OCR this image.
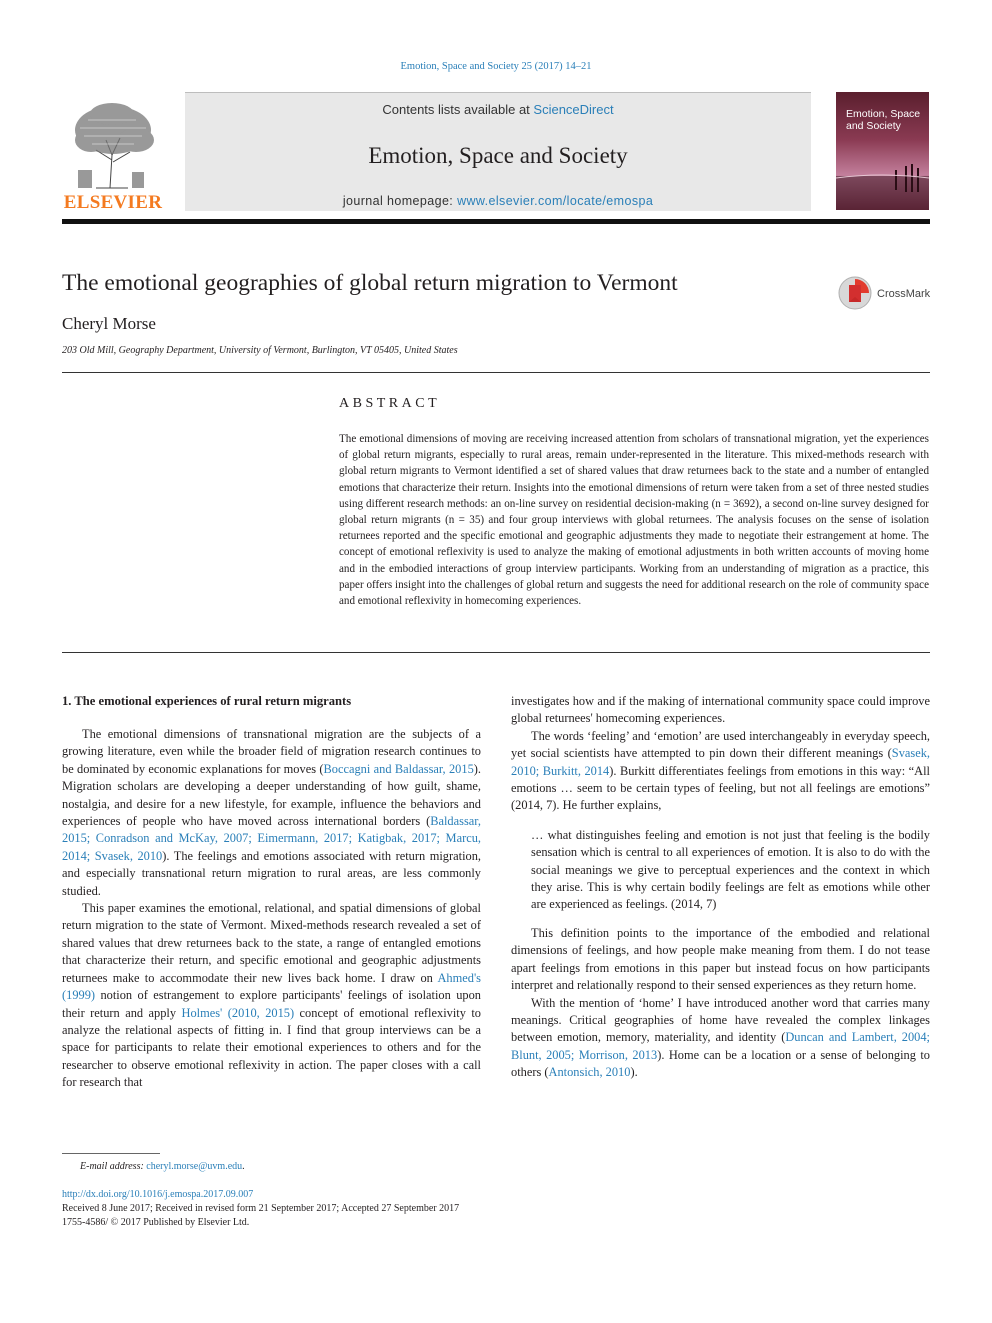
Emotion, Space and Society 25 (2017) 14–21
ELSEVIER
Contents lists available at ScienceDirect
Emotion, Space and Society
journal homepage: www.elsevier.com/locate/emospa
Emotion, Space and Society
The emotional geographies of global return migration to Vermont	CrossMark
Cheryl Morse
203 Old Mill, Geography Department, University of Vermont, Burlington, VT 05405, United States
ABSTRACT
The emotional dimensions of moving are receiving increased attention from scholars of transnational migration, yet the experiences of global return migrants, especially to rural areas, remain under-represented in the literature. This mixed-methods research with global return migrants to Vermont identified a set of shared values that draw returnees back to the state and a number of entangled emotions that characterize their return. Insights into the emotional dimensions of return were taken from a set of three nested studies using different research methods: an on-line survey on residential decision-making (n = 3692), a second on-line survey designed for global return migrants (n = 35) and four group interviews with global returnees. The analysis focuses on the sense of isolation returnees reported and the specific emotional and geographic adjustments they made to negotiate their estrangement at home. The concept of emotional reflexivity is used to analyze the making of emotional adjustments in both written accounts of moving home and in the embodied interactions of group interview participants. Working from an understanding of migration as a practice, this paper offers insight into the challenges of global return and suggests the need for additional research on the role of community space and emotional reflexivity in homecoming experiences.
1. The emotional experiences of rural return migrants

The emotional dimensions of transnational migration are the subjects of a growing literature, even while the broader field of migration research continues to be dominated by economic explanations for moves (Boccagni and Baldassar, 2015). Migration scholars are developing a deeper understanding of how guilt, shame, nostalgia, and desire for a new lifestyle, for example, influence the behaviors and experiences of people who have moved across international borders (Baldassar, 2015; Conradson and McKay, 2007; Eimermann, 2017; Katigbak, 2017; Marcu, 2014; Svasek, 2010). The feelings and emotions associated with return migration, and especially transnational return migration to rural areas, are less commonly studied.

This paper examines the emotional, relational, and spatial dimensions of global return migration to the state of Vermont. Mixed-methods research revealed a set of shared values that drew returnees back to the state, a range of entangled emotions that characterize their return, and specific emotional and geographic adjustments returnees make to accommodate their new lives back home. I draw on Ahmed's (1999) notion of estrangement to explore participants' feelings of isolation upon their return and apply Holmes' (2010, 2015) concept of emotional reflexivity to analyze the relational aspects of fitting in. I find that group interviews can be a space for participants to relate their emotional experiences to others and for the researcher to observe emotional reflexivity in action. The paper closes with a call for research that

investigates how and if the making of international community space could improve global returnees' homecoming experiences.

The words ‘feeling’ and ‘emotion’ are used interchangeably in everyday speech, yet social scientists have attempted to pin down their different meanings (Svasek, 2010; Burkitt, 2014). Burkitt differentiates feelings from emotions in this way: “All emotions … seem to be certain types of feeling, but not all feelings are emotions” (2014, 7). He further explains,

… what distinguishes feeling and emotion is not just that feeling is the bodily sensation which is central to all experiences of emotion. It is also to do with the social meanings we give to perceptual experiences and the context in which they arise. This is why certain bodily feelings are felt as emotions while other are experienced as feelings. (2014, 7)

This definition points to the importance of the embodied and relational dimensions of feelings, and how people make meaning from them. I do not tease apart feelings from emotions in this paper but instead focus on how participants interpret and relationally respond to their sensed experiences as they return home.

With the mention of ‘home’ I have introduced another word that carries many meanings. Critical geographies of home have revealed the complex linkages between emotion, memory, materiality, and identity (Duncan and Lambert, 2004; Blunt, 2005; Morrison, 2013). Home can be a location or a sense of belonging to others (Antonsich, 2010).

E-mail address: cheryl.morse@uvm.edu.
http://dx.doi.org/10.1016/j.emospa.2017.09.007
Received 8 June 2017; Received in revised form 21 September 2017; Accepted 27 September 2017
1755-4586/ © 2017 Published by Elsevier Ltd.
